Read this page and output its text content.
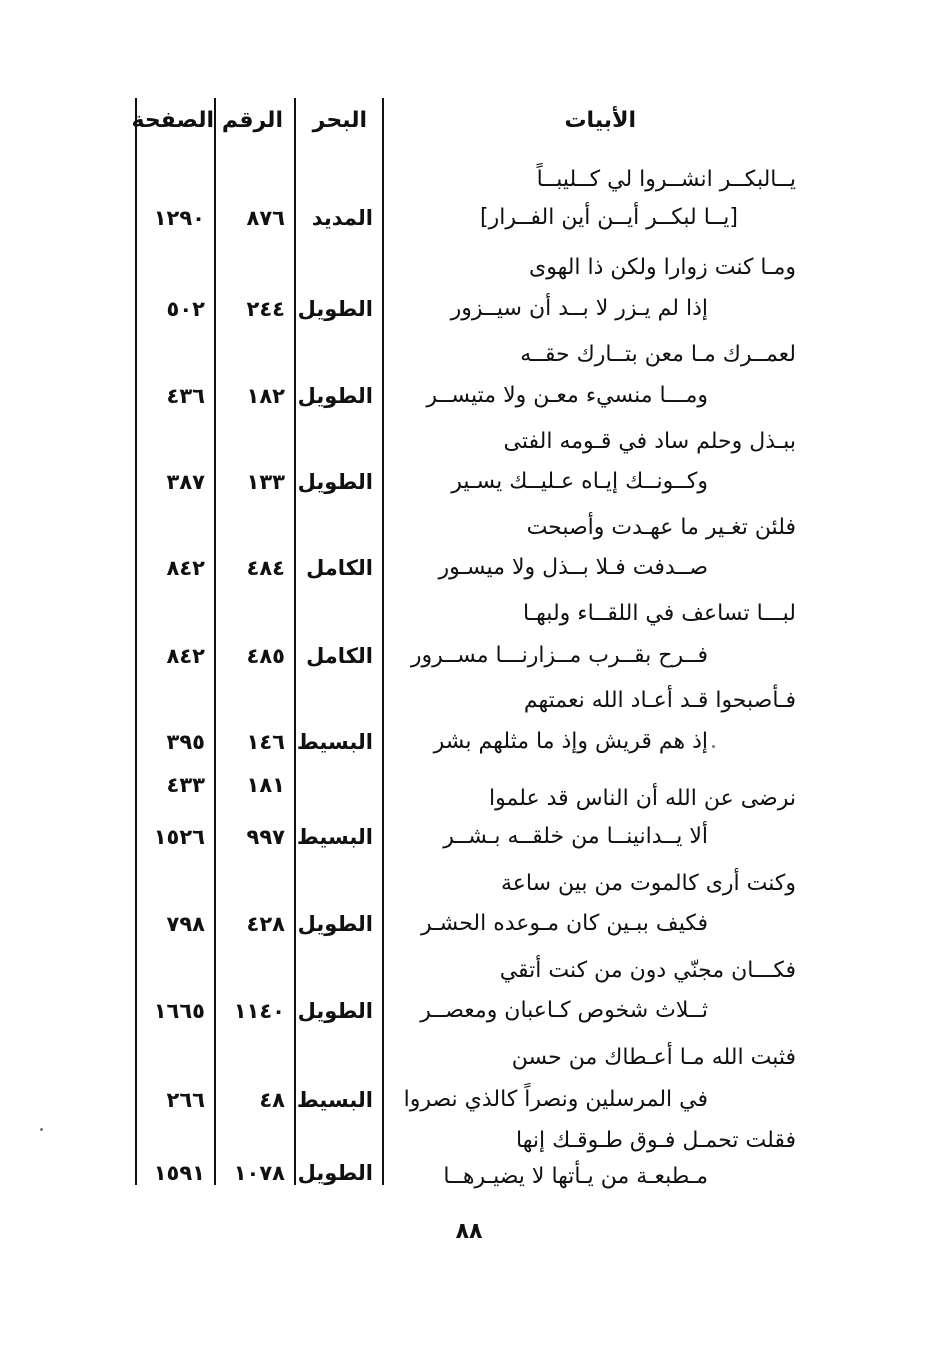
الأبيات
البحر
الرقم
الصفحة
يــالبكــر انشــروا لي كــليبــاً
[يــا لبكــر أيــن أين الفــرار]
المديد
٨٧٦
١٢٩٠
ومـا كنت زوارا ولكن ذا الهوى
إذا لم يـزر لا بــد أن سيــزور
الطويل
٢٤٤
٥٠٢
لعمــرك مـا معن بتــارك حقــه
ومـــا منسيء معـن ولا متيســر
الطويل
١٨٢
٤٣٦
ببـذل وحلم ساد في قـومه الفتى
وكــونــك إيـاه عـليــك يسـير
الطويل
١٣٣
٣٨٧
فلئن تغـير ما عهـدت وأصبحت
صــدفت فـلا بــذل ولا ميسـور
الكامل
٤٨٤
٨٤٢
لبـــا تساعف في اللقــاء ولبهـا
فــرح بقــرب مــزارنـــا مســرور
الكامل
٤٨٥
٨٤٢
فـأصبحوا قـد أعـاد الله نعمتهم
إذ هم قريش وإذ ما مثلهم بشر
البسيط
١٤٦
٣٩٥
١٨١
٤٣٣
نرضى عن الله أن الناس قد علموا
ألا يــدانينــا من خلقــه بـشــر
البسيط
٩٩٧
١٥٢٦
وكنت أرى كالموت من بين ساعة
فكيف ببـين كان مـوعده الحشـر
الطويل
٤٢٨
٧٩٨
فكـــان مجنّي دون من كنت أتقي
ثــلاث شخوص كـاعبان ومعصــر
الطويل
١١٤٠
١٦٦٥
فثبت الله مـا أعـطاك من حسن
في المرسلين ونصراً كالذي نصروا
البسيط
٤٨
٢٦٦
فقلت تحمـل فـوق طـوقـك إنها
مـطبعـة من يـأتها لا يضيـرهــا
الطويل
١٠٧٨
١٥٩١
٨٨
